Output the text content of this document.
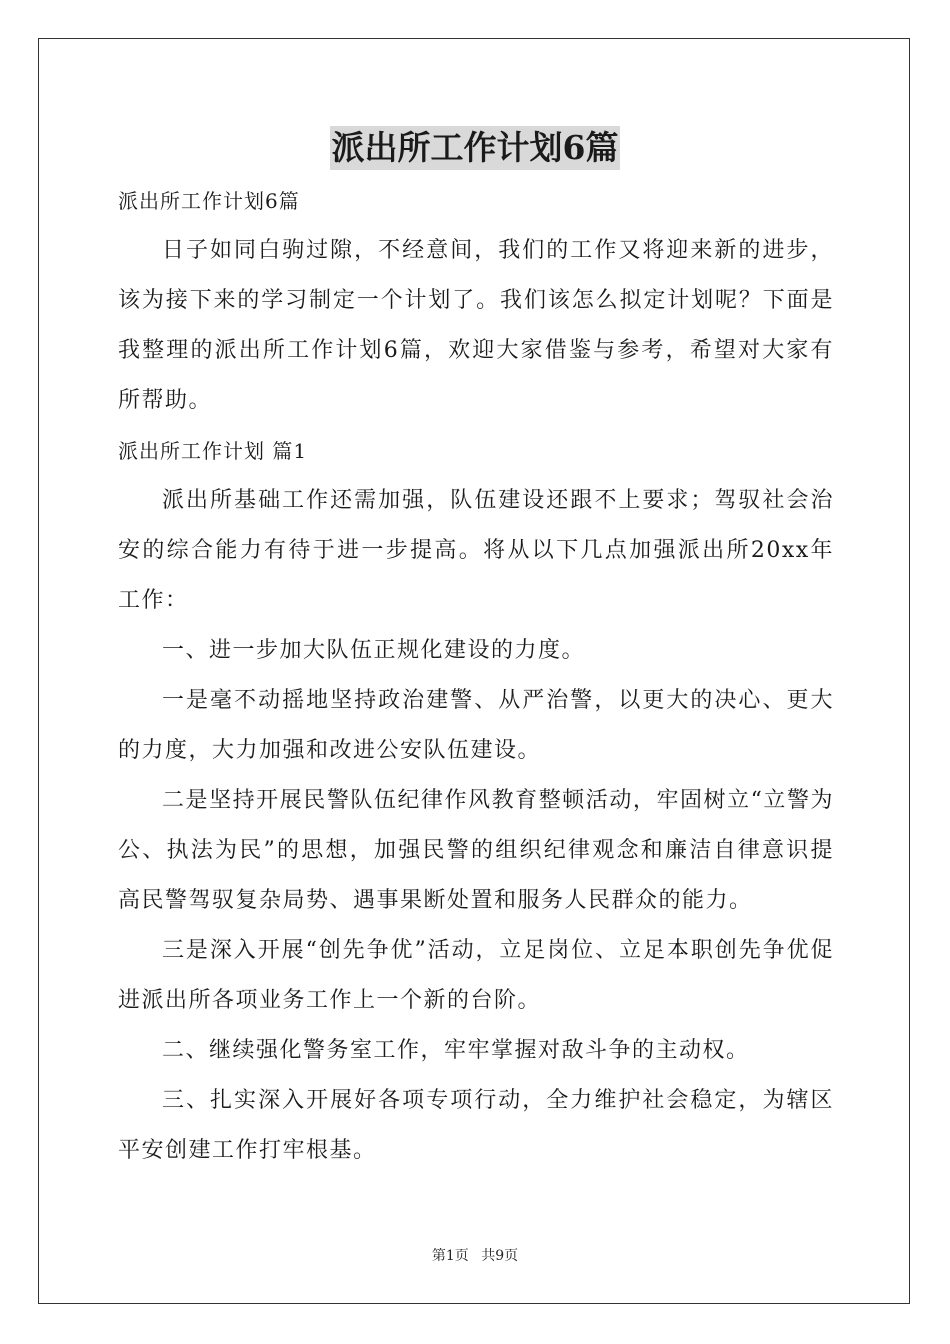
派出所工作计划6篇
派出所工作计划6篇

日子如同白驹过隙，不经意间，我们的工作又将迎来新的进步，该为接下来的学习制定一个计划了。我们该怎么拟定计划呢？下面是我整理的派出所工作计划6篇，欢迎大家借鉴与参考，希望对大家有所帮助。

派出所工作计划 篇1

派出所基础工作还需加强，队伍建设还跟不上要求；驾驭社会治安的综合能力有待于进一步提高。将从以下几点加强派出所20xx年工作：

一、进一步加大队伍正规化建设的力度。

一是毫不动摇地坚持政治建警、从严治警，以更大的决心、更大的力度，大力加强和改进公安队伍建设。

二是坚持开展民警队伍纪律作风教育整顿活动，牢固树立“立警为公、执法为民”的思想，加强民警的组织纪律观念和廉洁自律意识提高民警驾驭复杂局势、遇事果断处置和服务人民群众的能力。

三是深入开展“创先争优”活动，立足岗位、立足本职创先争优促进派出所各项业务工作上一个新的台阶。

二、继续强化警务室工作，牢牢掌握对敌斗争的主动权。

三、扎实深入开展好各项专项行动，全力维护社会稳定，为辖区平安创建工作打牢根基。

第1页 共9页
